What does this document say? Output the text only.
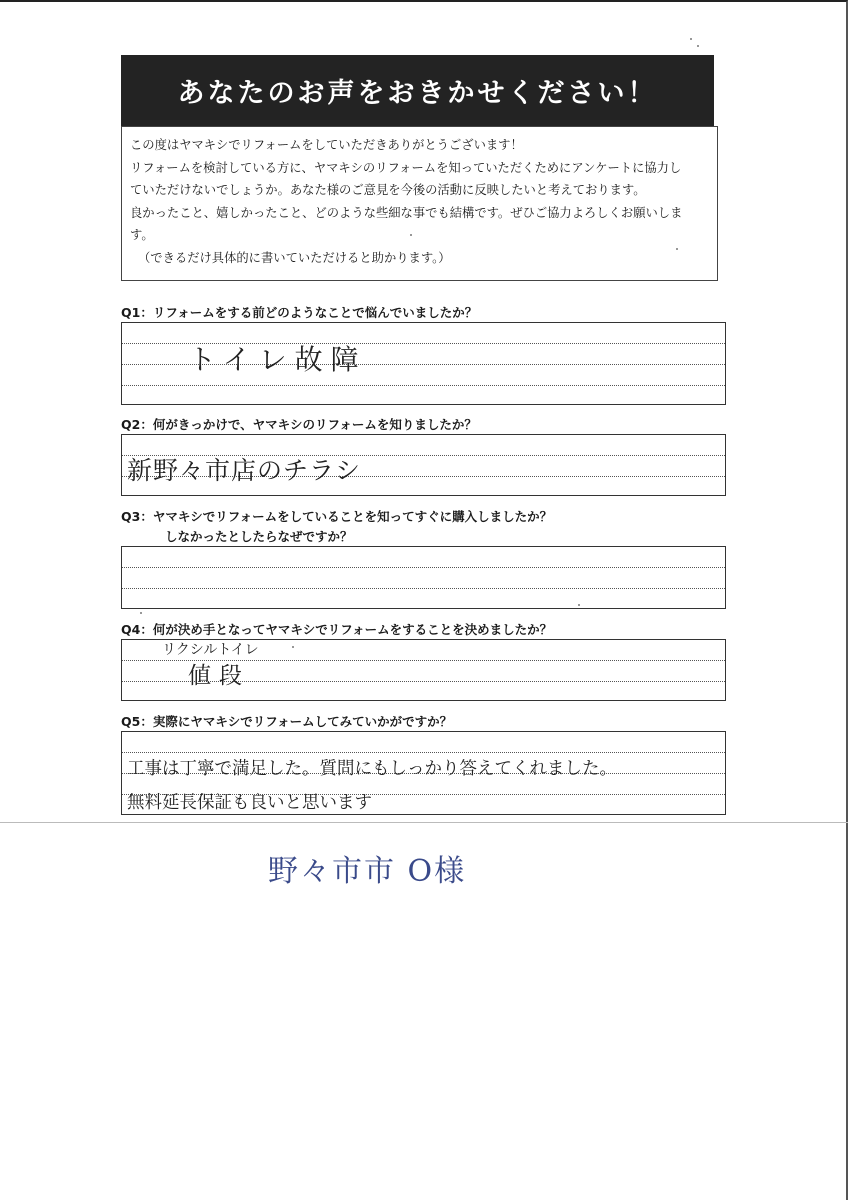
あなたのお声をおきかせください！

この度はヤマキシでリフォームをしていただきありがとうございます！

リフォームを検討している方に、ヤマキシのリフォームを知っていただくためにアンケートに協力し

ていただけないでしょうか。あなた様のご意見を今後の活動に反映したいと考えております。

良かったこと、嬉しかったこと、どのような些細な事でも結構です。ぜひご協力よろしくお願いしま

す。

（できるだけ具体的に書いていただけると助かります。）

Q1：リフォームをする前どのようなことで悩んでいましたか？
トイレ故障
Q2：何がきっかけで、ヤマキシのリフォームを知りましたか？
新野々市店のチラシ
Q3：ヤマキシでリフォームをしていることを知ってすぐに購入しましたか？
しなかったとしたらなぜですか？
Q4：何が決め手となってヤマキシでリフォームをすることを決めましたか？
リクシルトイレ
値段
Q5：実際にヤマキシでリフォームしてみていかがですか？
工事は丁寧で満足した。質問にもしっかり答えてくれました。
無料延長保証も良いと思います
野々市市 O様
